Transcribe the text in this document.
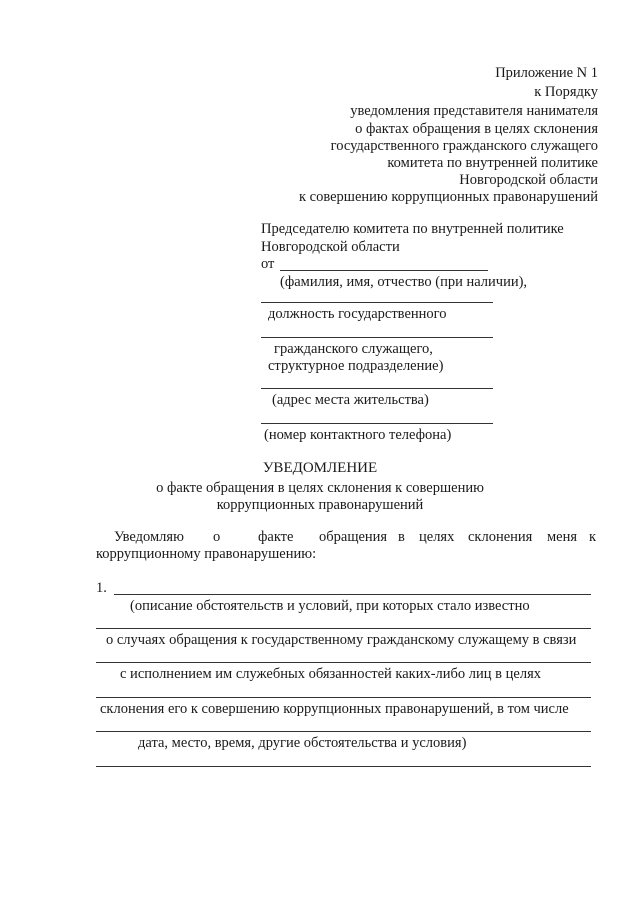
Приложение N 1
к Порядку
уведомления представителя нанимателя
о фактах обращения в целях склонения
государственного гражданского служащего
комитета по внутренней политике
Новгородской области
к совершению коррупционных правонарушений
Председателю комитета по внутренней политике
Новгородской области
от
(фамилия, имя, отчество (при наличии),
должность государственного
гражданского служащего,
структурное подразделение)
(адрес места жительства)
(номер контактного телефона)
УВЕДОМЛЕНИЕ
о факте обращения в целях склонения к совершению
коррупционных правонарушений
Уведомляю о	факте обращения в целях склонения меня к
коррупционному правонарушению:
1.
(описание обстоятельств и условий, при которых стало известно
о случаях обращения к государственному гражданскому служащему в связи
с исполнением им служебных обязанностей каких-либо лиц в целях
склонения его к совершению коррупционных правонарушений, в том числе
дата, место, время, другие обстоятельства и условия)
